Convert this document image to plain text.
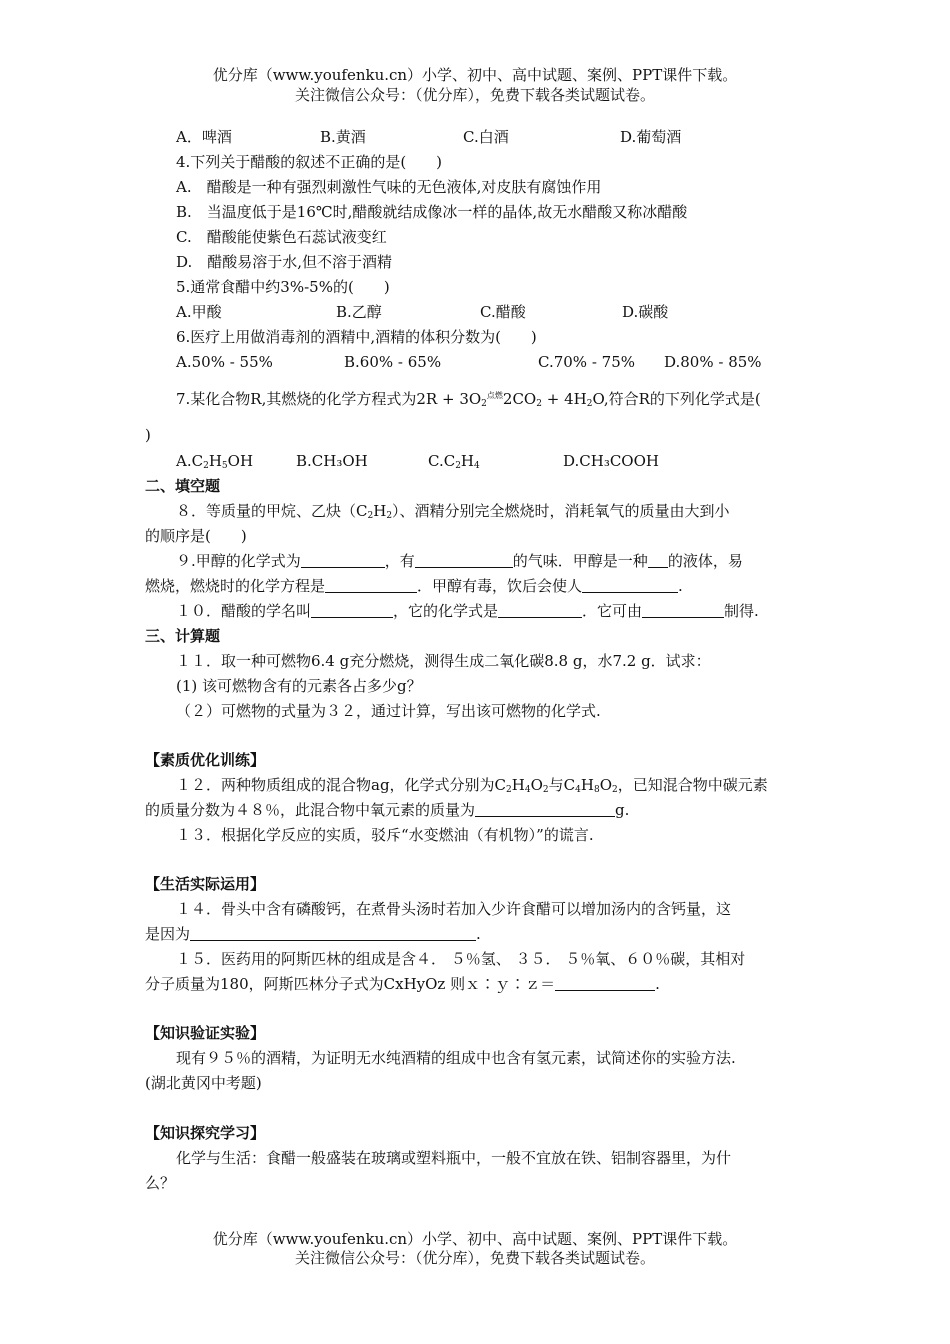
优分库（www.youfenku.cn）小学、初中、高中试题、案例、PPT课件下载。
关注微信公众号：（优分库），免费下载各类试题试卷。
A．啤酒	B.黄酒	C.白酒	D.葡萄酒
4.下列关于醋酸的叙述不正确的是(　　)
A.　醋酸是一种有强烈刺激性气味的无色液体,对皮肤有腐蚀作用
B.　当温度低于是16℃时,醋酸就结成像冰一样的晶体,故无水醋酸又称冰醋酸
C.　醋酸能使紫色石蕊试液变红
D.　醋酸易溶于水,但不溶于酒精
5.通常食醋中约3%-5%的(　　)
A.甲酸	B.乙醇	C.醋酸	D.碳酸
6.医疗上用做消毒剂的酒精中,酒精的体积分数为(　　)
A.50% - 55%	B.60% - 65%	C.70% - 75% D.80% - 85%
7.某化合物R,其燃烧的化学方程式为$2R + 3O_2^{点燃}2CO_2 + 4H_2O$,符合R的下列化学式是(
)
$A.C_2H_5OH$	B.CH₃OH	$C.C_2H_4$	D.CH₃COOH
二、填空题
８．等质量的甲烷、乙炔$(C_2H_2)$、酒精分别完全燃烧时，消耗氧气的质量由大到小
的顺序是(　　)
９.甲醇的化学式为	，有	的气味．甲醇是一种 的液体，易
燃烧，燃烧时的化学方程是	．甲醇有毒，饮后会使人	.
１０．醋酸的学名叫	，它的化学式是	．它可由	制得.
三、计算题
１１．取一种可燃物6.4 g充分燃烧，测得生成二氧化碳8.8 g，水7.2 g．试求：
(1) 该可燃物含有的元素各占多少g？
（２）可燃物的式量为３２，通过计算，写出该可燃物的化学式.
【素质优化训练】
１２．两种物质组成的混合物ag，化学式分别为$C_2H_4O_2$与$C_4H_8O_2$，已知混合物中碳元素
的质量分数为４８％，此混合物中氧元素的质量为	g.
１３．根据化学反应的实质，驳斥“水变燃油（有机物）”的谎言.
【生活实际运用】
１４．骨头中含有磷酸钙，在煮骨头汤时若加入少许食醋可以增加汤内的含钙量，这
是因为	.
１５．医药用的阿斯匹林的组成是含４． ５％氢、 ３５． ５％氧、６０％碳，其相对
分子质量为180，阿斯匹林分子式为CxHyOz 则ｘ∶ｙ∶ｚ＝	.
【知识验证实验】
现有９５％的酒精，为证明无水纯酒精的组成中也含有氢元素，试简述你的实验方法.
(湖北黄冈中考题)
【知识探究学习】
化学与生活：食醋一般盛装在玻璃或塑料瓶中，一般不宜放在铁、铝制容器里，为什
么？
优分库（www.youfenku.cn）小学、初中、高中试题、案例、PPT课件下载。
关注微信公众号：（优分库），免费下载各类试题试卷。
